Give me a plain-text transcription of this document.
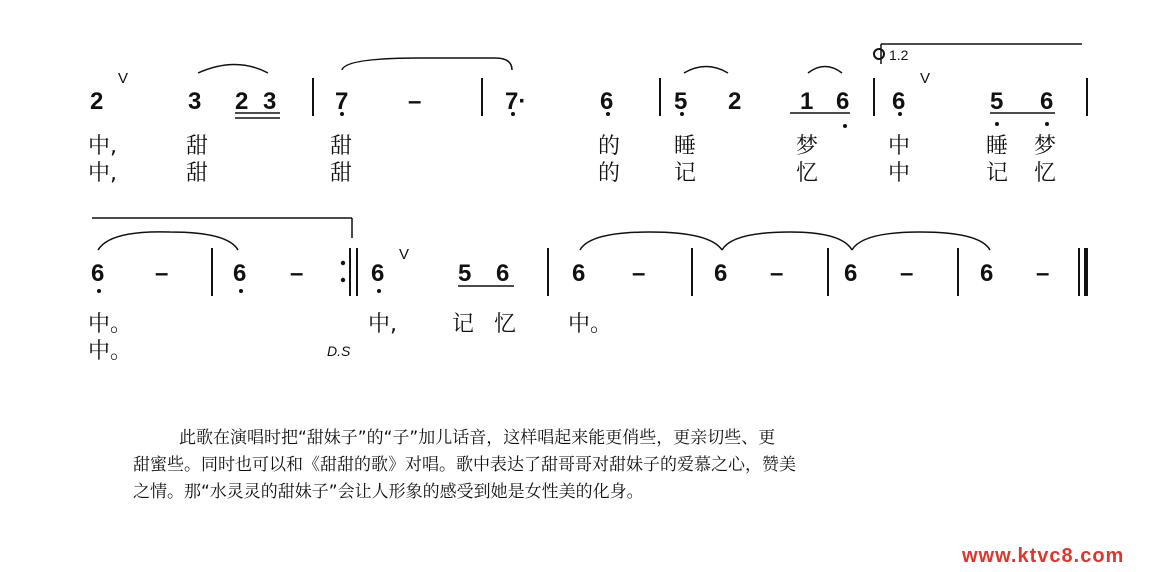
2
V
3 2 3 7 –	7·	6	5 2 1 6 6
V
5 6
1.2
中,	甜	甜	的 睡	梦	中	睡 梦
中,	甜	甜	的 记	忆	中	记 忆
6 –	6 –	6
V
5 6	6 –	6 –	6 –	6 –
中。	中,	记 忆 中。
中。	D.S
此歌在演唱时把“甜妹子”的“子”加儿话音，这样唱起来能更俏些，更亲切些、更
甜蜜些。同时也可以和《甜甜的歌》对唱。歌中表达了甜哥哥对甜妹子的爱慕之心，赞美
之情。那“水灵灵的甜妹子”会让人形象的感受到她是女性美的化身。
www.ktvc8.com
